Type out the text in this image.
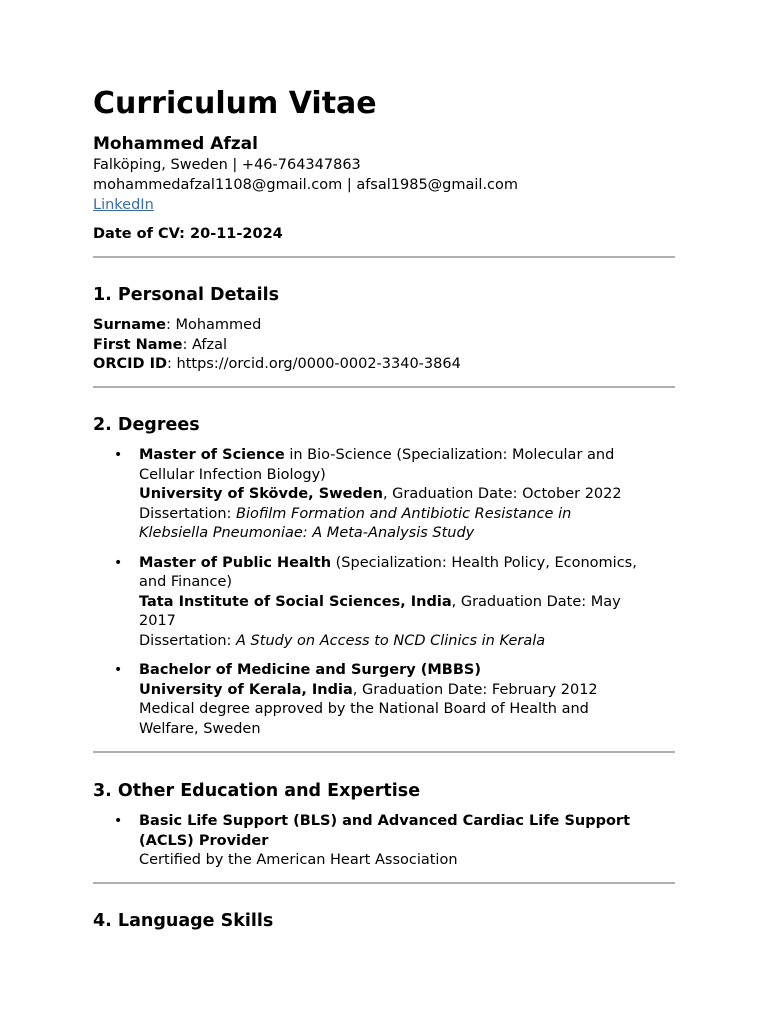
Curriculum Vitae
Mohammed Afzal
Falköping, Sweden | +46-764347863
mohammedafzal1108@gmail.com | afsal1985@gmail.com
LinkedIn
Date of CV: 20-11-2024
1. Personal Details
Surname: Mohammed
First Name: Afzal
ORCID ID: https://orcid.org/0000-0002-3340-3864
2. Degrees
• Master of Science in Bio-Science (Specialization: Molecular and
Cellular Infection Biology)
University of Skövde, Sweden, Graduation Date: October 2022
Dissertation: Biofilm Formation and Antibiotic Resistance in
Klebsiella Pneumoniae: A Meta-Analysis Study
• Master of Public Health (Specialization: Health Policy, Economics,
and Finance)
Tata Institute of Social Sciences, India, Graduation Date: May
2017
Dissertation: A Study on Access to NCD Clinics in Kerala
• Bachelor of Medicine and Surgery (MBBS)
University of Kerala, India, Graduation Date: February 2012
Medical degree approved by the National Board of Health and
Welfare, Sweden
3. Other Education and Expertise
• Basic Life Support (BLS) and Advanced Cardiac Life Support
(ACLS) Provider
Certified by the American Heart Association
4. Language Skills
